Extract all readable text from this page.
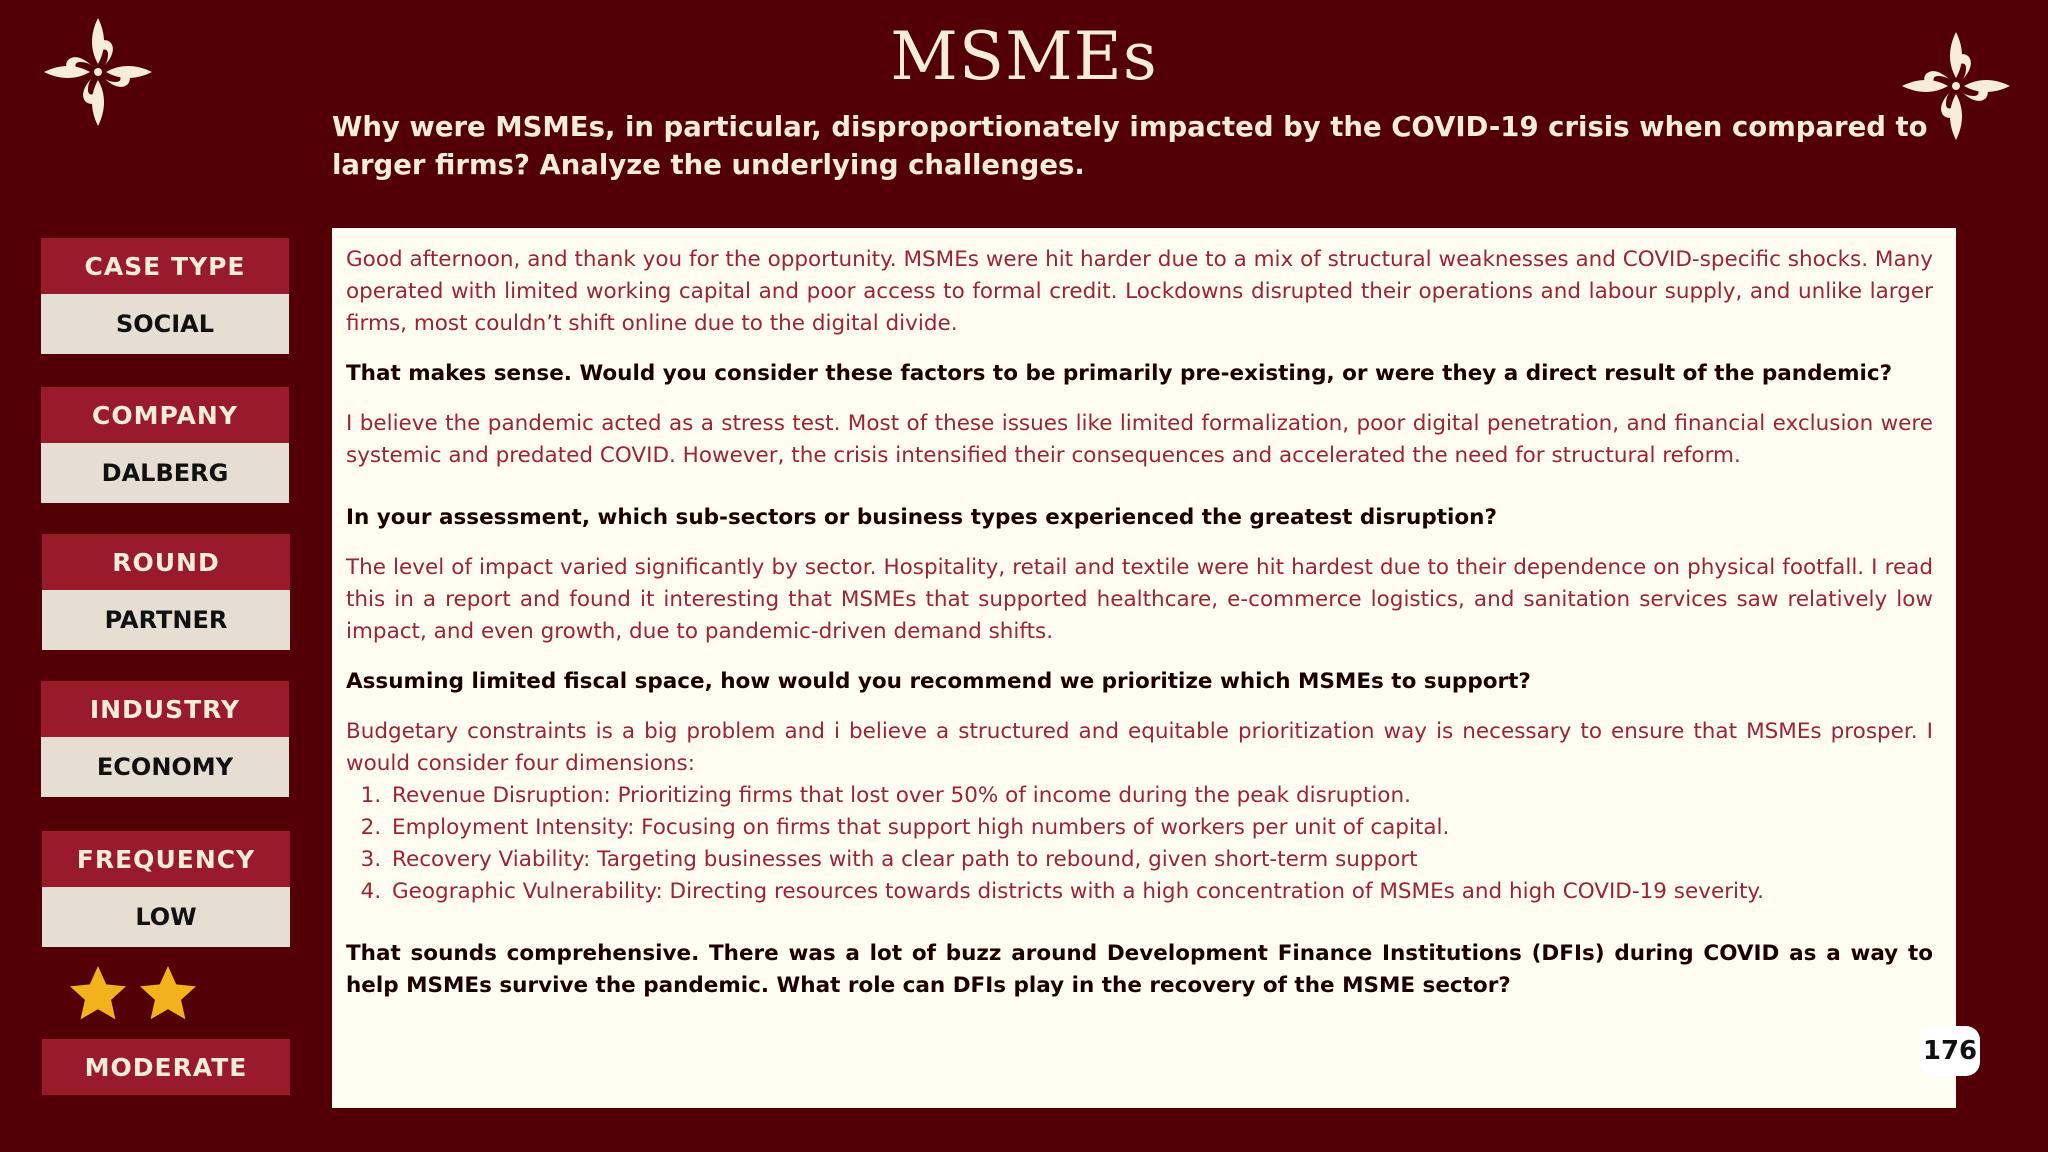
MSMEs
Why were MSMEs, in particular, disproportionately impacted by the COVID-19 crisis when compared to larger firms? Analyze the underlying challenges.
CASE TYPE
SOCIAL
COMPANY
DALBERG
ROUND
PARTNER
INDUSTRY
ECONOMY
FREQUENCY
LOW
MODERATE
Good afternoon, and thank you for the opportunity. MSMEs were hit harder due to a mix of structural weaknesses and COVID-specific shocks. Many operated with limited working capital and poor access to formal credit. Lockdowns disrupted their operations and labour supply, and unlike larger firms, most couldn’t shift online due to the digital divide.
That makes sense. Would you consider these factors to be primarily pre-existing, or were they a direct result of the pandemic?
I believe the pandemic acted as a stress test. Most of these issues like limited formalization, poor digital penetration, and financial exclusion were systemic and predated COVID. However, the crisis intensified their consequences and accelerated the need for structural reform.
In your assessment, which sub-sectors or business types experienced the greatest disruption?
The level of impact varied significantly by sector. Hospitality, retail and textile were hit hardest due to their dependence on physical footfall. I read this in a report and found it interesting that MSMEs that supported healthcare, e-commerce logistics, and sanitation services saw relatively low impact, and even growth, due to pandemic-driven demand shifts.
Assuming limited fiscal space, how would you recommend we prioritize which MSMEs to support?

Budgetary constraints is a big problem and i believe a structured and equitable prioritization way is necessary to ensure that MSMEs prosper. I would consider four dimensions:

1. Revenue Disruption: Prioritizing firms that lost over 50% of income during the peak disruption.
2. Employment Intensity: Focusing on firms that support high numbers of workers per unit of capital.
3. Recovery Viability: Targeting businesses with a clear path to rebound, given short-term support
4. Geographic Vulnerability: Directing resources towards districts with a high concentration of MSMEs and high COVID-19 severity.
That sounds comprehensive. There was a lot of buzz around Development Finance Institutions (DFIs) during COVID as a way to help MSMEs survive the pandemic. What role can DFIs play in the recovery of the MSME sector?
176
